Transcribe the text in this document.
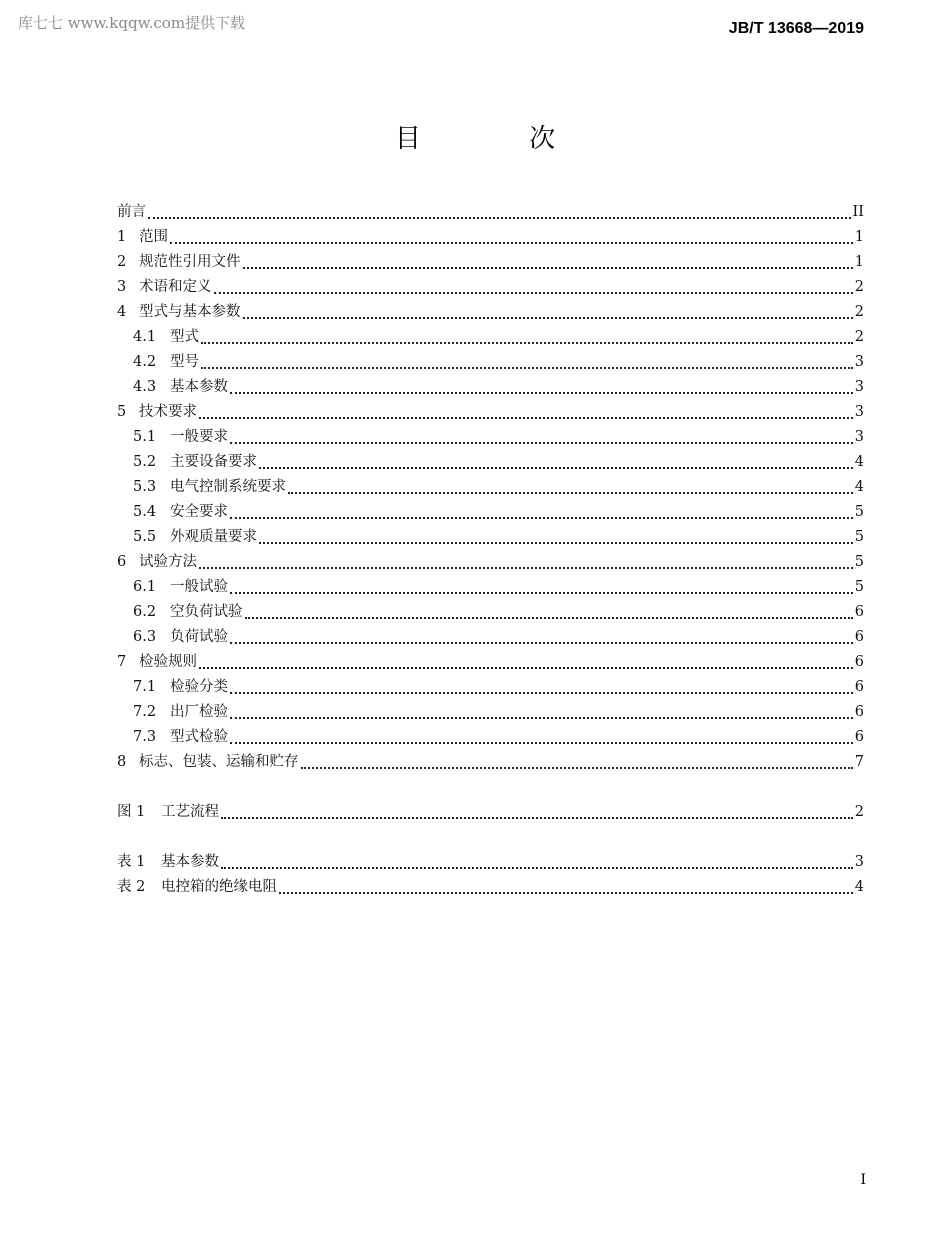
库七七 www.kqqw.com提供下载	JB/T 13668—2019
目 次
前言	II
1 范围	1
2 规范性引用文件	1
3 术语和定义	2
4 型式与基本参数	2
4.1 型式	2
4.2 型号	3
4.3 基本参数	3
5 技术要求	3
5.1 一般要求	3
5.2 主要设备要求	4
5.3 电气控制系统要求	4
5.4 安全要求	5
5.5 外观质量要求	5
6 试验方法	5
6.1 一般试验	5
6.2 空负荷试验	6
6.3 负荷试验	6
7 检验规则	6
7.1 检验分类	6
7.2 出厂检验	6
7.3 型式检验	6
8 标志、包装、运输和贮存	7
图 1 工艺流程	2
表 1 基本参数	3
表 2 电控箱的绝缘电阻	4
I
